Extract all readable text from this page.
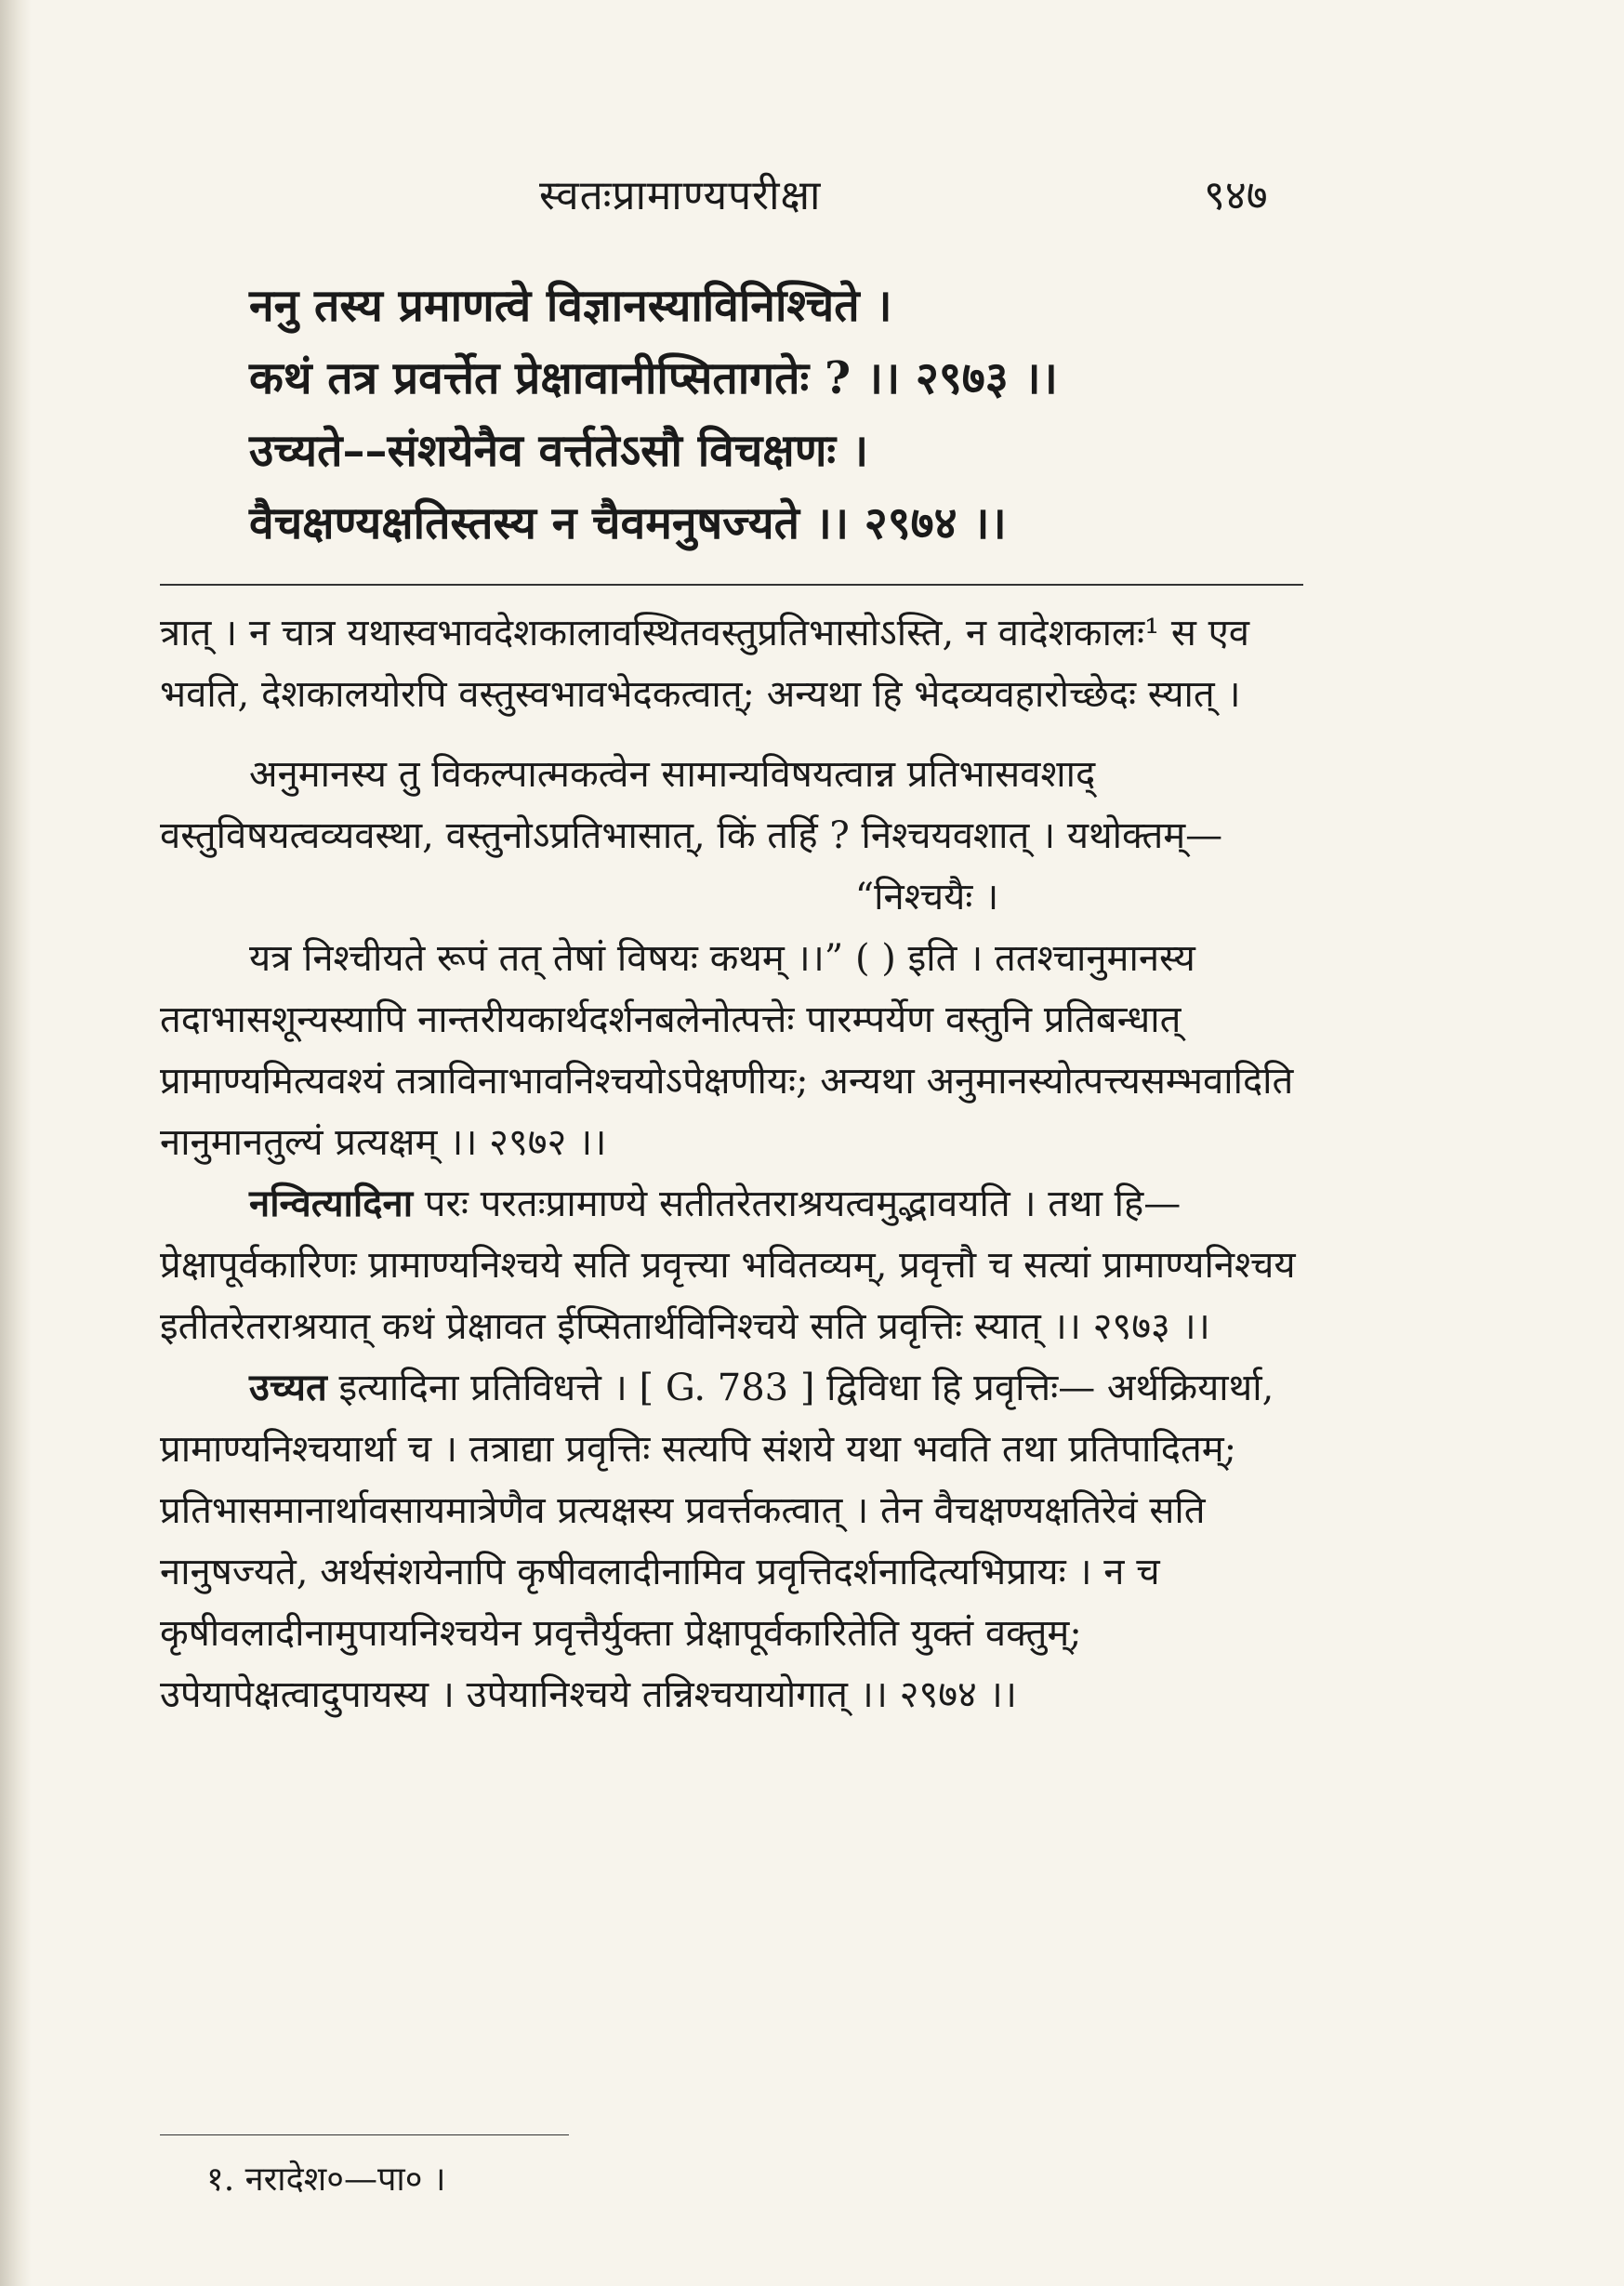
स्वतःप्रामाण्यपरीक्षा	९४७
ननु तस्य प्रमाणत्वे विज्ञानस्याविनिश्चिते ।
कथं तत्र प्रवर्त्तेत प्रेक्षावानीप्सितागतेः ? ।। २९७३ ।।
उच्यते––संशयेनैव वर्त्ततेऽसौ विचक्षणः ।
वैचक्षण्यक्षतिस्तस्य न चैवमनुषज्यते ।। २९७४ ।।

त्रात् । न चात्र यथास्वभावदेशकालावस्थितवस्तुप्रतिभासोऽस्ति, न वादेशकालः¹ स एव भवति, देशकालयोरपि वस्तुस्वभावभेदकत्वात्; अन्यथा हि भेदव्यवहारोच्छेदः स्यात् ।

अनुमानस्य तु विकल्पात्मकत्वेन सामान्यविषयत्वान्न प्रतिभासवशाद् वस्तुविषयत्वव्यवस्था, वस्तुनोऽप्रतिभासात्, किं तर्हि ? निश्चयवशात् । यथोक्तम्—

“निश्चयैः ।

यत्र निश्चीयते रूपं तत् तेषां विषयः कथम् ।।” ( ) इति । ततश्चानुमानस्य तदाभासशून्यस्यापि नान्तरीयकार्थदर्शनबलेनोत्पत्तेः पारम्पर्येण वस्तुनि प्रतिबन्धात् प्रामाण्यमित्यवश्यं तत्राविनाभावनिश्चयोऽपेक्षणीयः; अन्यथा अनुमानस्योत्पत्त्यसम्भवादिति नानुमानतुल्यं प्रत्यक्षम् ।। २९७२ ।।

नन्वित्यादिना परः परतःप्रामाण्ये सतीतरेतराश्रयत्वमुद्भावयति । तथा हि—प्रेक्षापूर्वकारिणः प्रामाण्यनिश्चये सति प्रवृत्त्या भवितव्यम्, प्रवृत्तौ च सत्यां प्रामाण्यनिश्चय इतीतरेतराश्रयात् कथं प्रेक्षावत ईप्सितार्थविनिश्चये सति प्रवृत्तिः स्यात् ।। २९७३ ।।

उच्यत इत्यादिना प्रतिविधत्ते । [ G. 783 ] द्विविधा हि प्रवृत्तिः— अर्थक्रियार्था, प्रामाण्यनिश्चयार्था च । तत्राद्या प्रवृत्तिः सत्यपि संशये यथा भवति तथा प्रतिपादितम्; प्रतिभासमानार्थावसायमात्रेणैव प्रत्यक्षस्य प्रवर्त्तकत्वात् । तेन वैचक्षण्यक्षतिरेवं सति नानुषज्यते, अर्थसंशयेनापि कृषीवलादीनामिव प्रवृत्तिदर्शनादित्यभिप्रायः । न च कृषीवलादीनामुपायनिश्चयेन प्रवृत्तैर्युक्ता प्रेक्षापूर्वकारितेति युक्तं वक्तुम्; उपेयापेक्षत्वादुपायस्य । उपेयानिश्चये तन्निश्चयायोगात् ।। २९७४ ।।

१. नरादेश०—पा० ।
